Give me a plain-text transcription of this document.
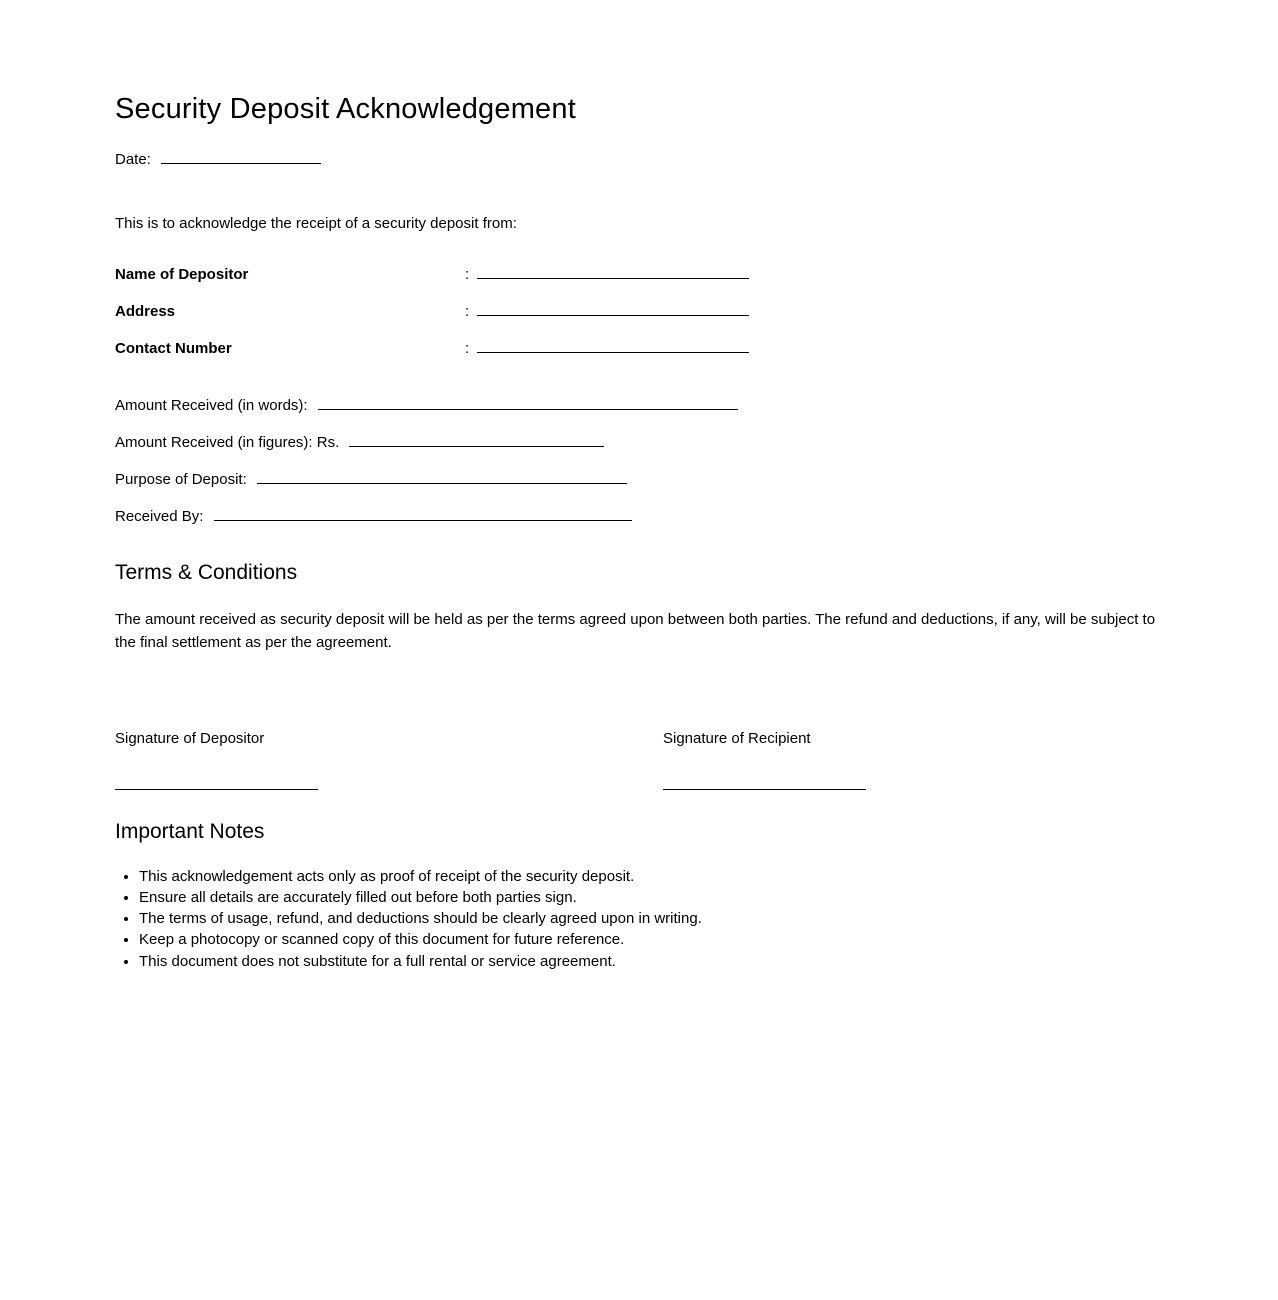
Security Deposit Acknowledgement
Date:

This is to acknowledge the receipt of a security deposit from:

Name of Depositor	:
Address	:
Contact Number	:
Amount Received (in words):
Amount Received (in figures): Rs.
Purpose of Deposit:
Received By:
Terms & Conditions

The amount received as security deposit will be held as per the terms agreed upon between both parties. The refund and deductions, if any, will be subject to the final settlement as per the agreement.

Signature of Depositor	Signature of Recipient
Important Notes
• This acknowledgement acts only as proof of receipt of the security deposit.
• Ensure all details are accurately filled out before both parties sign.
• The terms of usage, refund, and deductions should be clearly agreed upon in writing.
• Keep a photocopy or scanned copy of this document for future reference.
• This document does not substitute for a full rental or service agreement.
